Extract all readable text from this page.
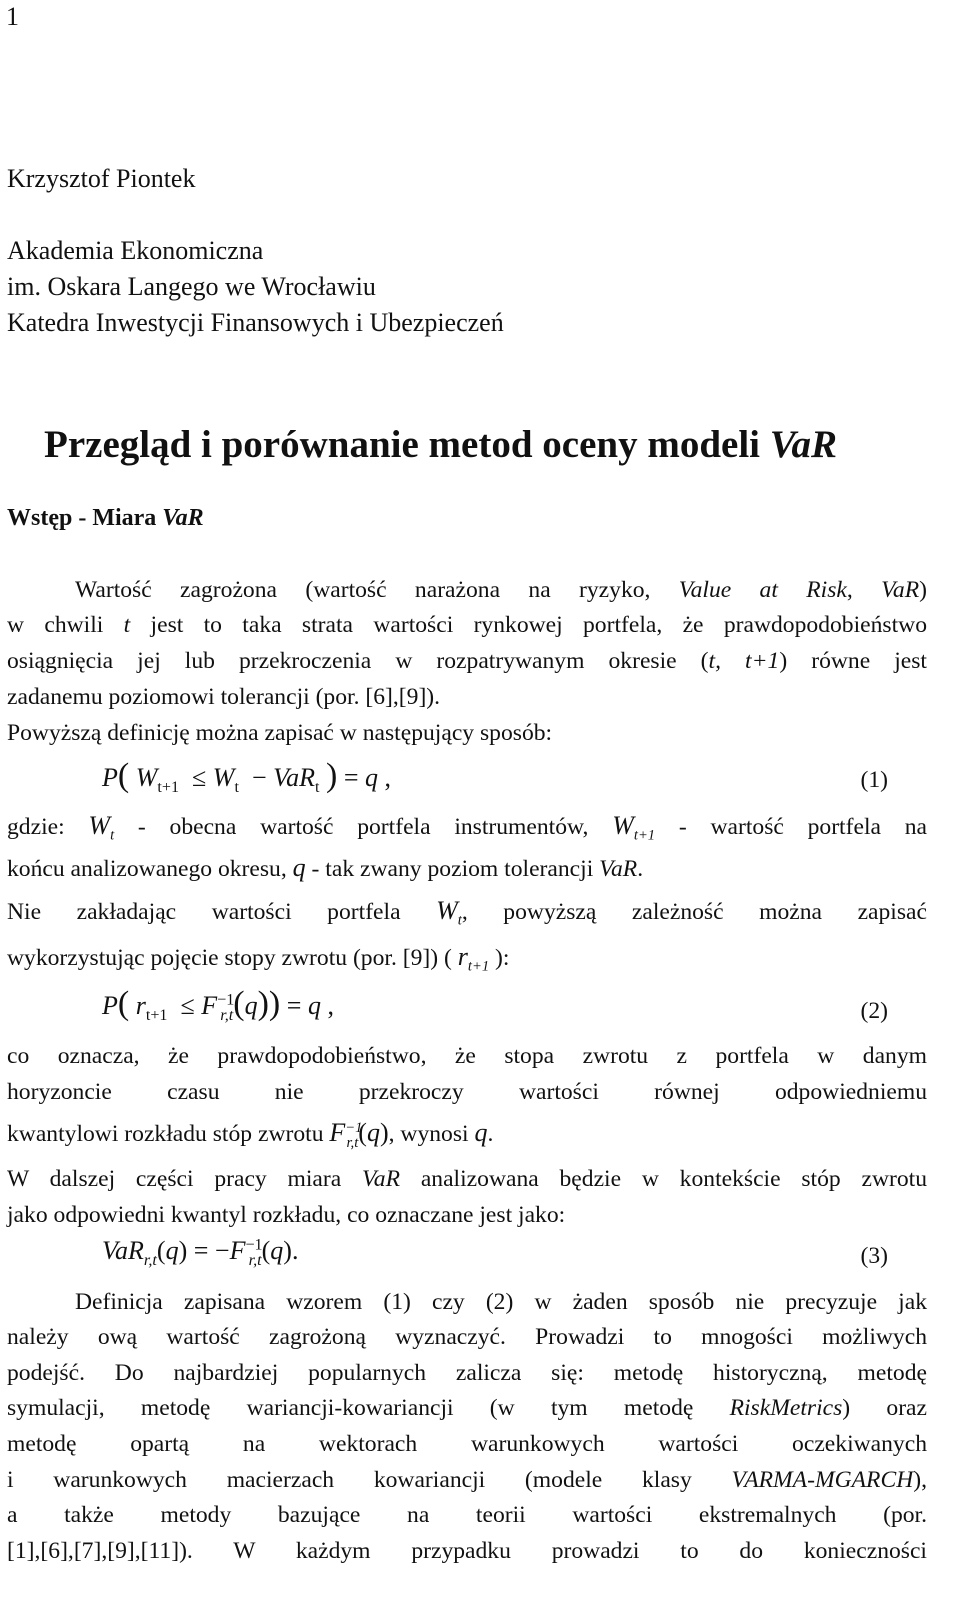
1
Krzysztof Piontek
Akademia Ekonomiczna
im. Oskara Langego we Wrocławiu
Katedra Inwestycji Finansowych i Ubezpieczeń
Przegląd i porównanie metod oceny modeli VaR
Wstęp - Miara VaR
Wartość zagrożona (wartość narażona na ryzyko, Value at Risk, VaR)
w chwili t jest to taka strata wartości rynkowej portfela, że prawdopodobieństwo
osiągnięcia jej lub przekroczenia w rozpatrywanym okresie (t, t+1) równe jest
zadanemu poziomowi tolerancji (por. [6],[9]).
Powyższą definicję można zapisać w następujący sposób:
P( $W_{t+1} \le W_t - VaR_t$ ) = q ,	(1)
gdzie: $W_t$ - obecna wartość portfela instrumentów, $W_{t+1}$ - wartość portfela na
końcu analizowanego okresu, q - tak zwany poziom tolerancji VaR.
Nie zakładając wartości portfela $W_t$, powyższą zależność można zapisać
wykorzystując pojęcie stopy zwrotu (por. [9]) ( $r_{t+1}$ ):
P( $r_{t+1} \le F^{-1}_{r,t}(q)) = q$ ,	(2)
co oznacza, że prawdopodobieństwo, że stopa zwrotu z portfela w danym
horyzoncie czasu nie przekroczy wartości równej odpowiedniemu
kwantylowi rozkładu stóp zwrotu $F^{-1}_{r,t}(q)$, wynosi q.
W dalszej części pracy miara VaR analizowana będzie w kontekście stóp zwrotu
jako odpowiedni kwantyl rozkładu, co oznaczane jest jako:
$VaR_{r,t}(q) = -F^{-1}_{r,t}(q)$.	(3)
Definicja zapisana wzorem (1) czy (2) w żaden sposób nie precyzuje jak
należy ową wartość zagrożoną wyznaczyć. Prowadzi to mnogości możliwych
podejść. Do najbardziej popularnych zalicza się: metodę historyczną, metodę
symulacji, metodę wariancji-kowariancji (w tym metodę RiskMetrics) oraz
metodę opartą na wektorach warunkowych wartości oczekiwanych
i warunkowych macierzach kowariancji (modele klasy VARMA-MGARCH),
a także metody bazujące na teorii wartości ekstremalnych (por.
[1],[6],[7],[9],[11]). W każdym przypadku prowadzi to do konieczności
